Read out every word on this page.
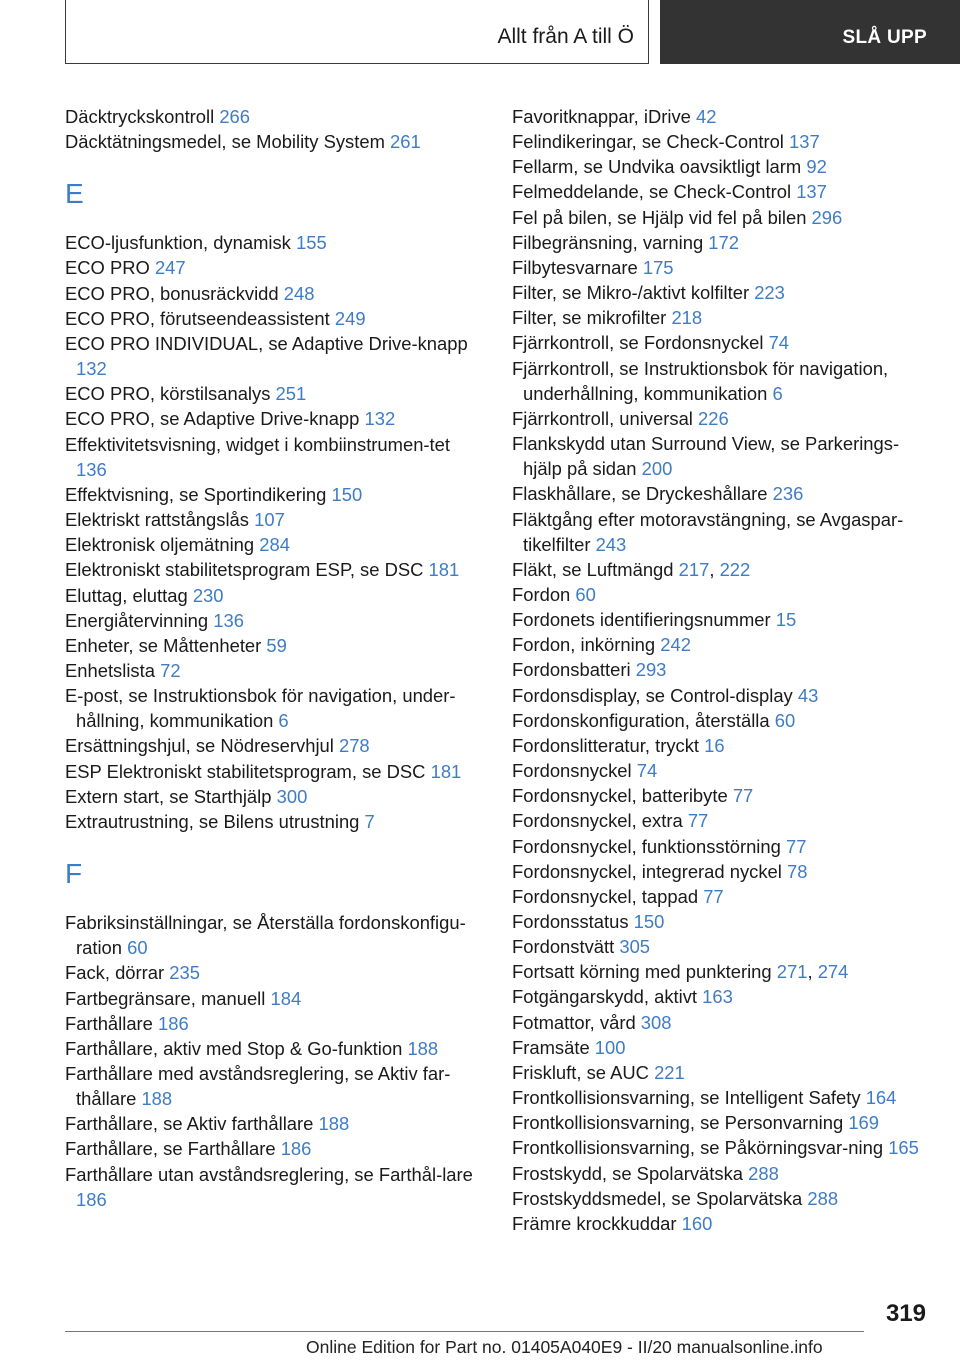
Allt från A till Ö	SLÅ UPP

Däcktryckskontroll 266

Däcktätningsmedel, se Mobility System 261

E

ECO-ljusfunktion, dynamisk 155

ECO PRO 247

ECO PRO, bonusräckvidd 248

ECO PRO, förutseendeassistent 249

ECO PRO INDIVIDUAL, se Adaptive Drive-knapp 132

ECO PRO, körstilsanalys 251

ECO PRO, se Adaptive Drive-knapp 132

Effektivitetsvisning, widget i kombiinstrumen-tet 136

Effektvisning, se Sportindikering 150

Elektriskt rattstångslås 107

Elektronisk oljemätning 284

Elektroniskt stabilitetsprogram ESP, se DSC 181

Eluttag, eluttag 230

Energiåtervinning 136

Enheter, se Måttenheter 59

Enhetslista 72

E-post, se Instruktionsbok för navigation, under-hållning, kommunikation 6

Ersättningshjul, se Nödreservhjul 278

ESP Elektroniskt stabilitetsprogram, se DSC 181

Extern start, se Starthjälp 300

Extrautrustning, se Bilens utrustning 7

F

Fabriksinställningar, se Återställa fordonskonfigu-ration 60

Fack, dörrar 235

Fartbegränsare, manuell 184

Farthållare 186

Farthållare, aktiv med Stop & Go-funktion 188

Farthållare med avståndsreglering, se Aktiv far-thållare 188

Farthållare, se Aktiv farthållare 188

Farthållare, se Farthållare 186

Farthållare utan avståndsreglering, se Farthål-lare 186

Favoritknappar, iDrive 42

Felindikeringar, se Check-Control 137

Fellarm, se Undvika oavsiktligt larm 92

Felmeddelande, se Check-Control 137

Fel på bilen, se Hjälp vid fel på bilen 296

Filbegränsning, varning 172

Filbytesvarnare 175

Filter, se Mikro-/aktivt kolfilter 223

Filter, se mikrofilter 218

Fjärrkontroll, se Fordonsnyckel 74

Fjärrkontroll, se Instruktionsbok för navigation, underhållning, kommunikation 6

Fjärrkontroll, universal 226

Flankskydd utan Surround View, se Parkerings-hjälp på sidan 200

Flaskhållare, se Dryckeshållare 236

Fläktgång efter motoravstängning, se Avgaspar-tikelfilter 243

Fläkt, se Luftmängd 217, 222

Fordon 60

Fordonets identifieringsnummer 15

Fordon, inkörning 242

Fordonsbatteri 293

Fordonsdisplay, se Control-display 43

Fordonskonfiguration, återställa 60

Fordonslitteratur, tryckt 16

Fordonsnyckel 74

Fordonsnyckel, batteribyte 77

Fordonsnyckel, extra 77

Fordonsnyckel, funktionsstörning 77

Fordonsnyckel, integrerad nyckel 78

Fordonsnyckel, tappad 77

Fordonsstatus 150

Fordonstvätt 305

Fortsatt körning med punktering 271, 274

Fotgängarskydd, aktivt 163

Fotmattor, vård 308

Framsäte 100

Friskluft, se AUC 221

Frontkollisionsvarning, se Intelligent Safety 164

Frontkollisionsvarning, se Personvarning 169

Frontkollisionsvarning, se Påkörningsvar-ning 165

Frostskydd, se Spolarvätska 288

Frostskyddsmedel, se Spolarvätska 288

Främre krockkuddar 160

319
Online Edition for Part no. 01405A040E9 - II/20 manualsonline.info
